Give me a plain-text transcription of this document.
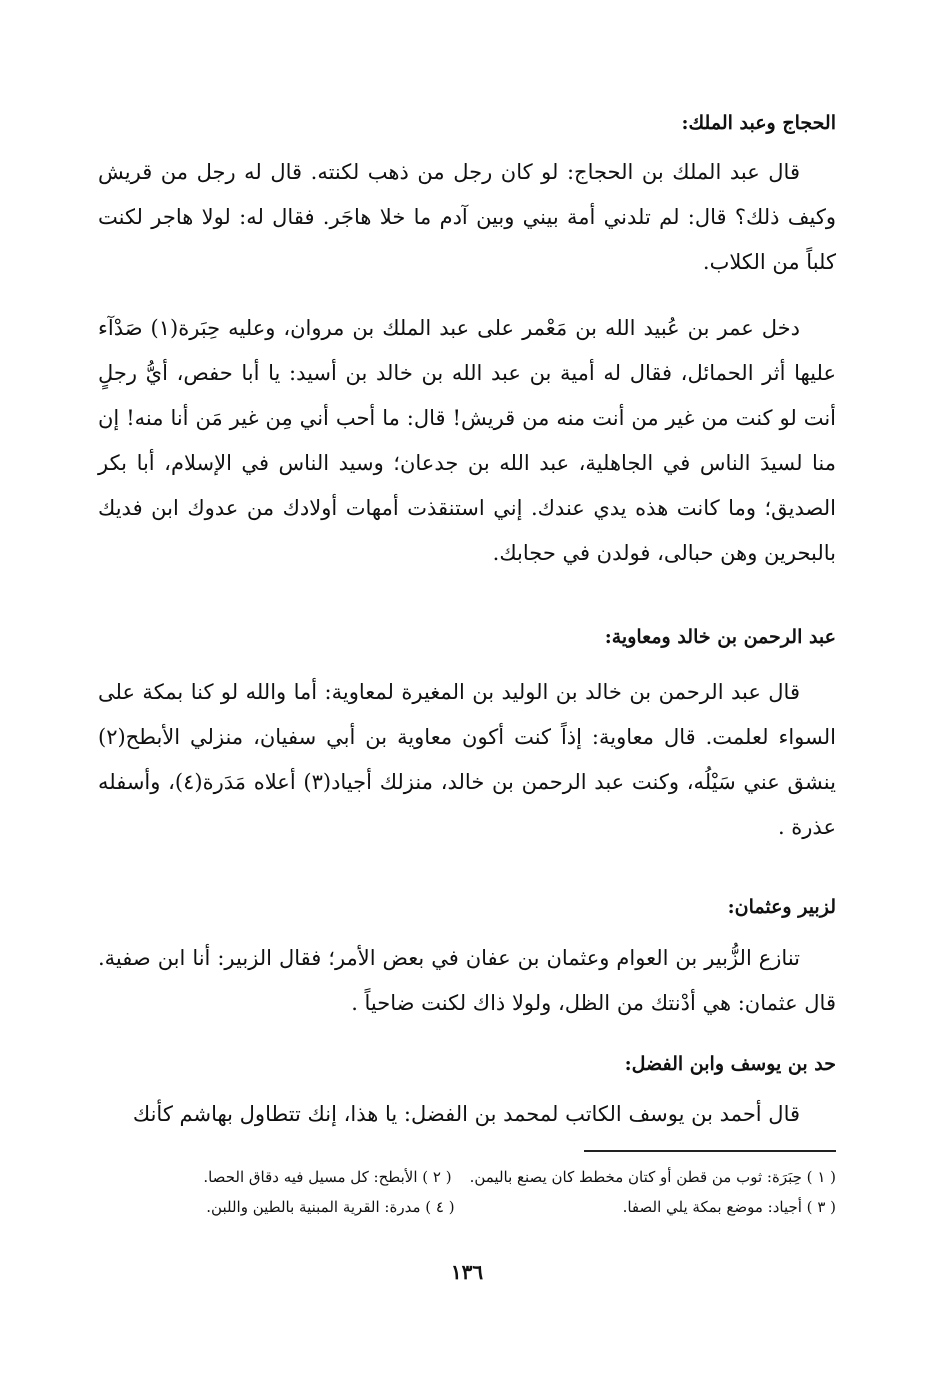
الحجاج وعبد الملك:

قال عبد الملك بن الحجاج: لو كان رجل من ذهب لكنته. قال له رجل من قريش وكيف ذلك؟ قال: لم تلدني أمة بيني وبين آدم ما خلا هاجَر. فقال له: لولا هاجر لكنت كلباً من الكلاب.

دخل عمر بن عُبيد الله بن مَعْمر على عبد الملك بن مروان، وعليه حِبَرة(١) صَدْآء عليها أثر الحمائل، فقال له أمية بن عبد الله بن خالد بن أسيد: يا أبا حفص، أيُّ رجلٍ أنت لو كنت من غير من أنت منه من قريش! قال: ما أحب أني مِن غير مَن أنا منه! إن منا لسيدَ الناس في الجاهلية، عبد الله بن جدعان؛ وسيد الناس في الإسلام، أبا بكر الصديق؛ وما كانت هذه يدي عندك. إني استنقذت أمهات أولادك من عدوك ابن فديك بالبحرين وهن حبالى، فولدن في حجابك.

عبد الرحمن بن خالد ومعاوية:

قال عبد الرحمن بن خالد بن الوليد بن المغيرة لمعاوية: أما والله لو كنا بمكة على السواء لعلمت. قال معاوية: إذاً كنت أكون معاوية بن أبي سفيان، منزلي الأبطح(٢) ينشق عني سَيْلُه، وكنت عبد الرحمن بن خالد، منزلك أجياد(٣) أعلاه مَدَرة(٤)، وأسفله عذرة .

لزبير وعثمان:

تنازع الزُّبير بن العوام وعثمان بن عفان في بعض الأمر؛ فقال الزبير: أنا ابن صفية. قال عثمان: هي أدْنتك من الظل، ولولا ذاك لكنت ضاحياً .

حد بن يوسف وابن الفضل:

قال أحمد بن يوسف الكاتب لمحمد بن الفضل: يا هذا، إنك تتطاول بهاشم كأنك

( ١ ) حِبَرَة: ثوب من قطن أو كتان مخطط كان يصنع باليمن.
( ٢ ) الأبطح: كل مسيل فيه دقاق الحصا.
( ٣ ) أجياد: موضع بمكة يلي الصفا.
( ٤ ) مدرة: القرية المبنية بالطين واللبن.
١٣٦
